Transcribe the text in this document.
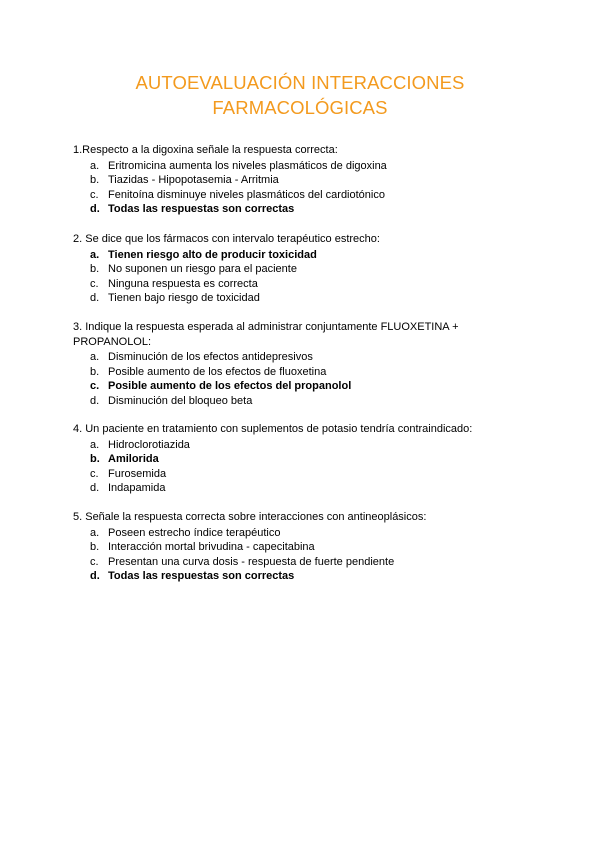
AUTOEVALUACIÓN INTERACCIONES
FARMACOLÓGICAS
1.Respecto a la digoxina señale la respuesta correcta:
a. Eritromicina aumenta los niveles plasmáticos de digoxina
b. Tiazidas - Hipopotasemia - Arritmia
c. Fenitoína disminuye niveles plasmáticos del cardiotónico
d. Todas las respuestas son correctas
2. Se dice que los fármacos con intervalo terapéutico estrecho:
a. Tienen riesgo alto de producir toxicidad
b. No suponen un riesgo para el paciente
c. Ninguna respuesta es correcta
d. Tienen bajo riesgo de toxicidad
3. Indique la respuesta esperada al administrar conjuntamente FLUOXETINA + PROPANOLOL:
a. Disminución de los efectos antidepresivos
b. Posible aumento de los efectos de fluoxetina
c. Posible aumento de los efectos del propanolol
d. Disminución del bloqueo beta
4. Un paciente en tratamiento con suplementos de potasio tendría contraindicado:
a. Hidroclorotiazida
b. Amilorida
c. Furosemida
d. Indapamida
5. Señale la respuesta correcta sobre interacciones con antineoplásicos:
a. Poseen estrecho índice terapéutico
b. Interacción mortal brivudina - capecitabina
c. Presentan una curva dosis - respuesta de fuerte pendiente
d. Todas las respuestas son correctas
